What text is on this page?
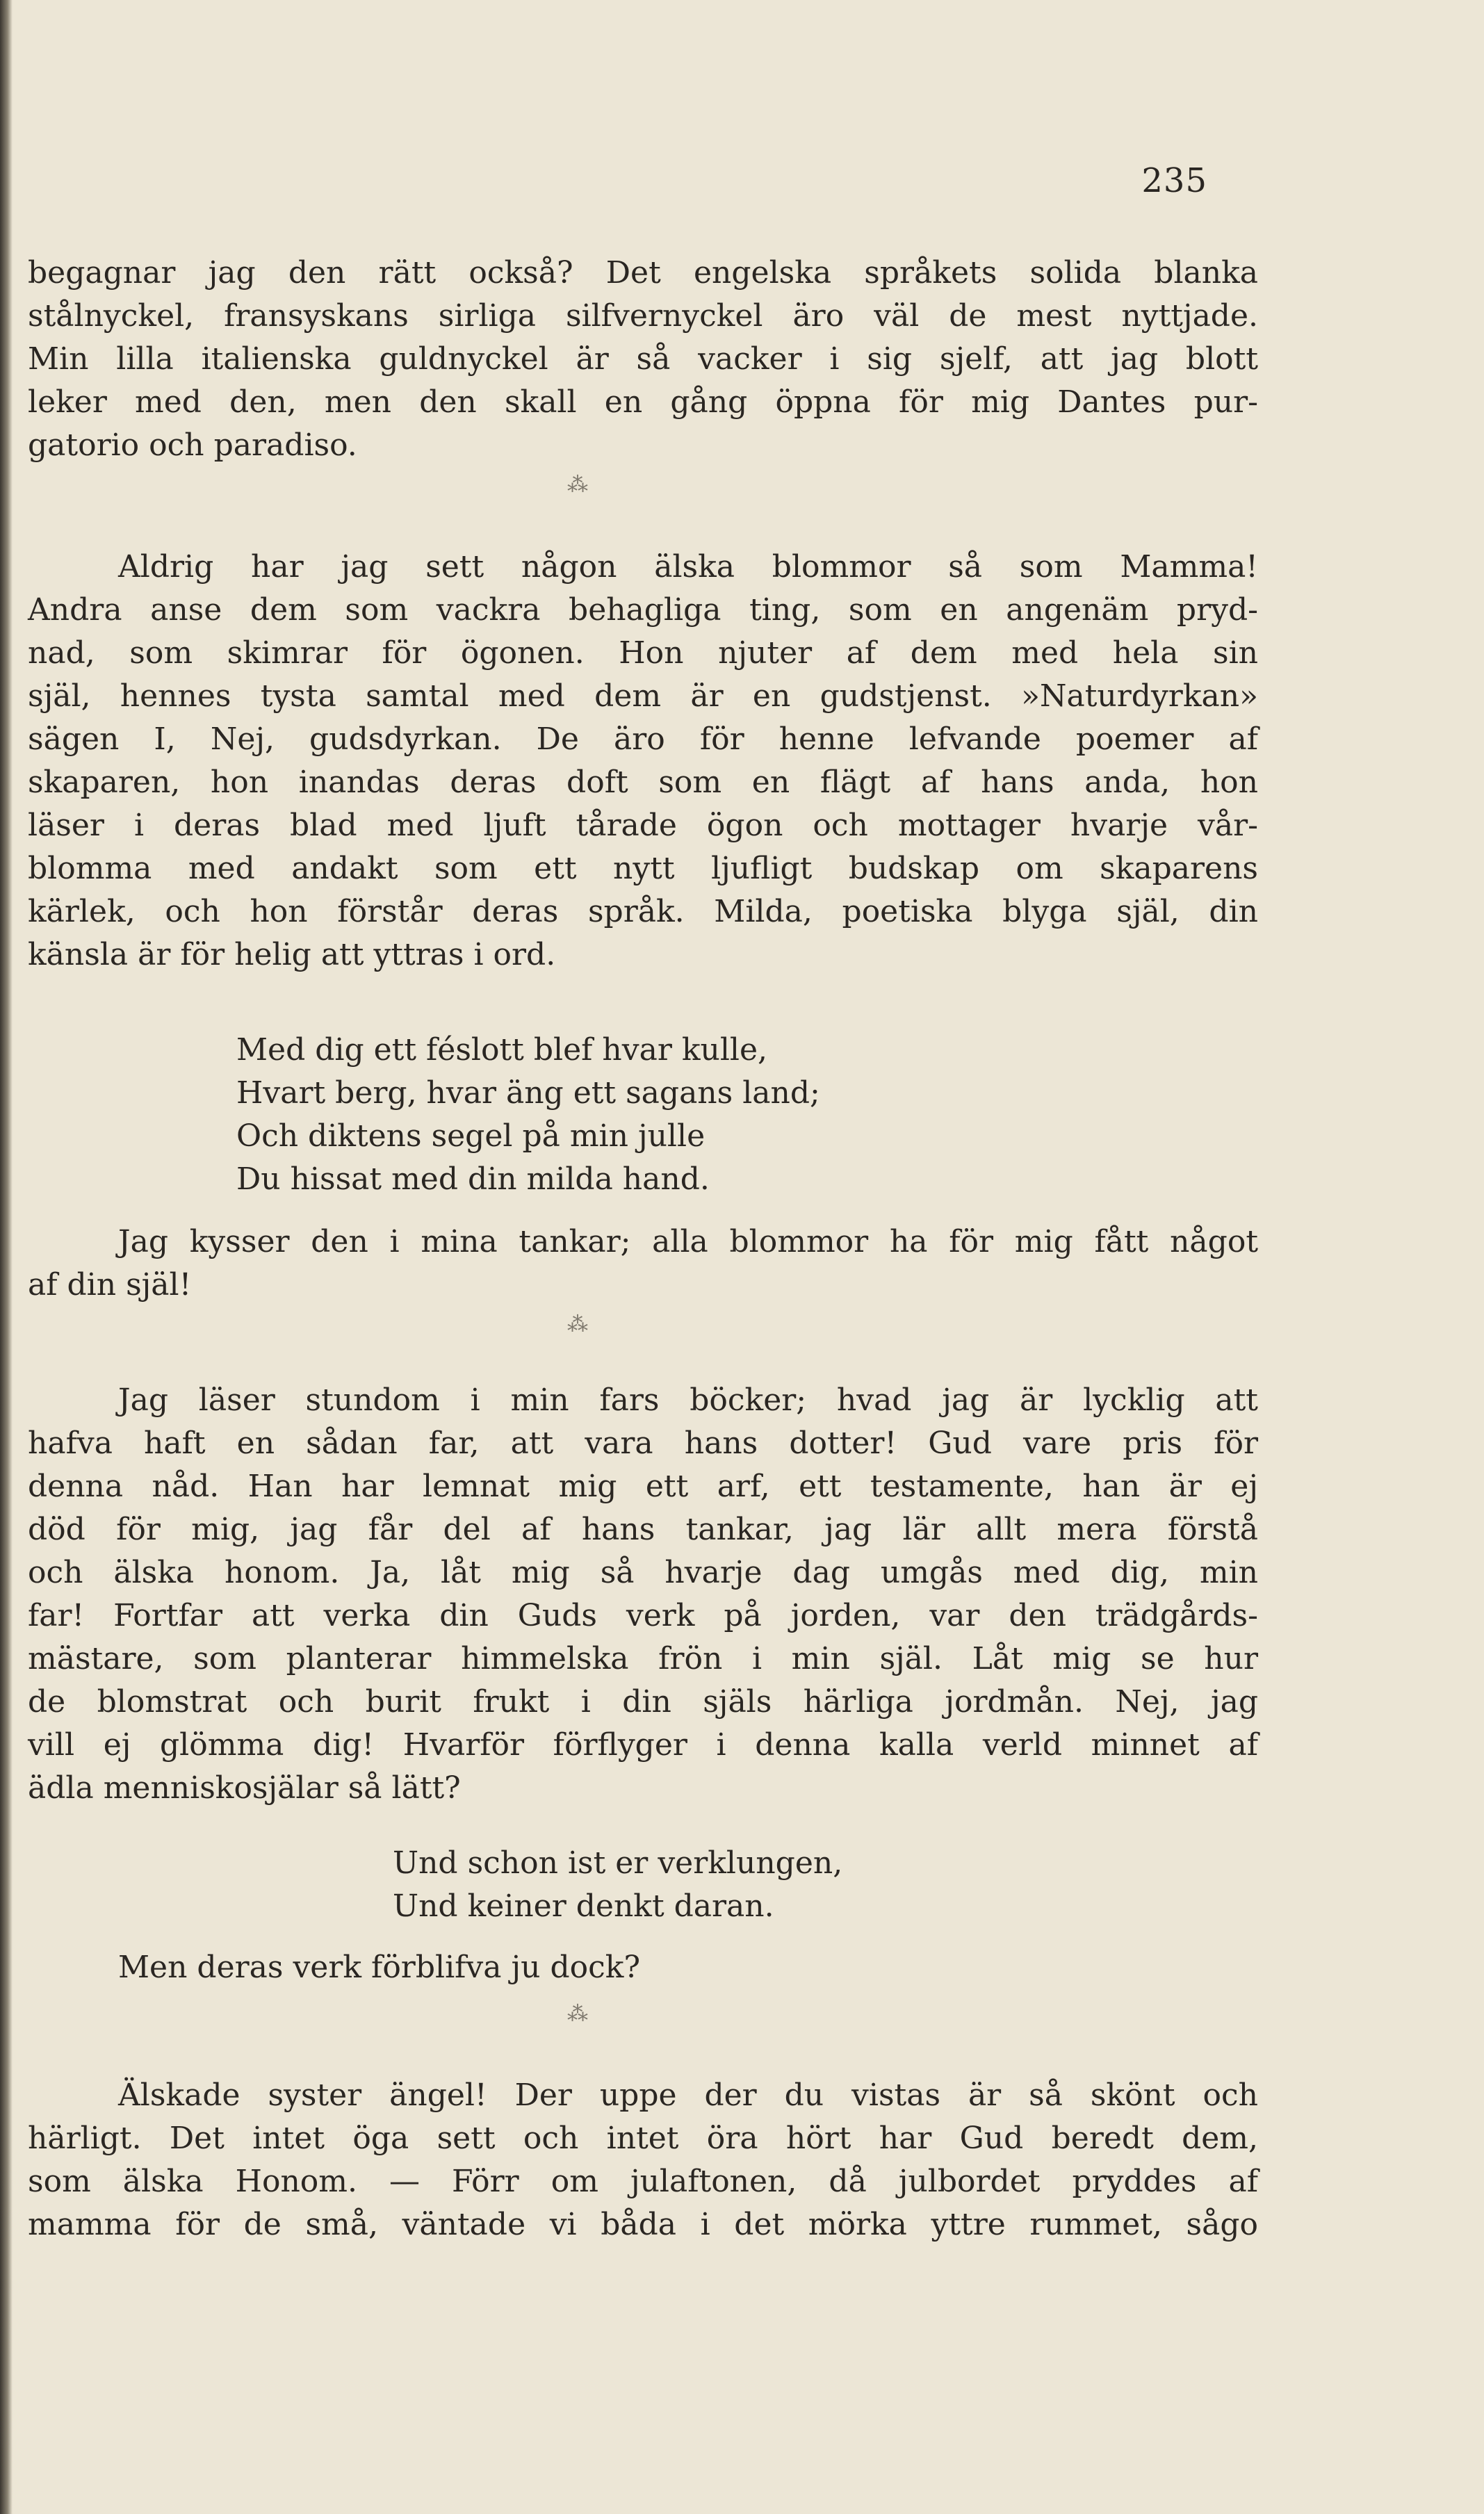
235
begagnar jag den rätt också? Det engelska språkets solida blanka
stålnyckel, fransyskans sirliga silfvernyckel äro väl de mest nyttjade.
Min lilla italienska guldnyckel är så vacker i sig sjelf, att jag blott
leker med den, men den skall en gång öppna för mig Dantes pur-
gatorio och paradiso.
⁂
Aldrig har jag sett någon älska blommor så som Mamma!
Andra anse dem som vackra behagliga ting, som en angenäm pryd-
nad, som skimrar för ögonen. Hon njuter af dem med hela sin
själ, hennes tysta samtal med dem är en gudstjenst. »Naturdyrkan»
sägen I, Nej, gudsdyrkan. De äro för henne lefvande poemer af
skaparen, hon inandas deras doft som en flägt af hans anda, hon
läser i deras blad med ljuft tårade ögon och mottager hvarje vår-
blomma med andakt som ett nytt ljufligt budskap om skaparens
kärlek, och hon förstår deras språk. Milda, poetiska blyga själ, din
känsla är för helig att yttras i ord.
Med dig ett féslott blef hvar kulle,
Hvart berg, hvar äng ett sagans land;
Och diktens segel på min julle
Du hissat med din milda hand.
Jag kysser den i mina tankar; alla blommor ha för mig fått något
af din själ!
⁂
Jag läser stundom i min fars böcker; hvad jag är lycklig att
hafva haft en sådan far, att vara hans dotter! Gud vare pris för
denna nåd. Han har lemnat mig ett arf, ett testamente, han är ej
död för mig, jag får del af hans tankar, jag lär allt mera förstå
och älska honom. Ja, låt mig så hvarje dag umgås med dig, min
far! Fortfar att verka din Guds verk på jorden, var den trädgårds-
mästare, som planterar himmelska frön i min själ. Låt mig se hur
de blomstrat och burit frukt i din själs härliga jordmån. Nej, jag
vill ej glömma dig! Hvarför förflyger i denna kalla verld minnet af
ädla menniskosjälar så lätt?
Und schon ist er verklungen,
Und keiner denkt daran.
Men deras verk förblifva ju dock?
⁂
Älskade syster ängel! Der uppe der du vistas är så skönt och
härligt. Det intet öga sett och intet öra hört har Gud beredt dem,
som älska Honom. — Förr om julaftonen, då julbordet pryddes af
mamma för de små, väntade vi båda i det mörka yttre rummet, sågo
